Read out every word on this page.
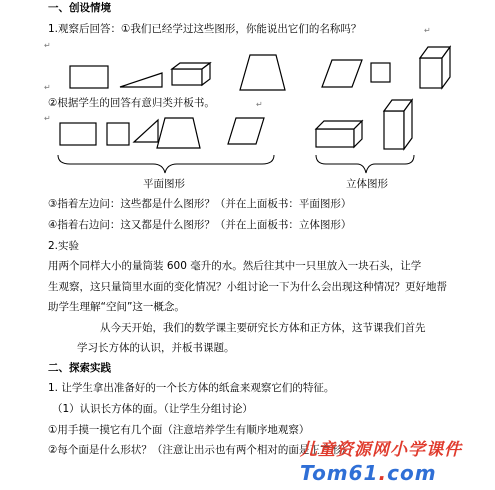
一、创设情境
1.观察后回答：①我们已经学过这些图形，你能说出它们的名称吗？	↵
↵
↵
②根据学生的回答有意归类并板书。	↵
↵
平面图形	立体图形
③指着左边问：这些都是什么图形？（并在上面板书：平面图形）
④指着右边问：这又都是什么图形？（并在上面板书：立体图形）
2.实验
用两个同样大小的量筒装 600 毫升的水。然后往其中一只里放入一块石头，让学
生观察，这只量筒里水面的变化情况？小组讨论一下为什么会出现这种情况？更好地帮
助学生理解“空间”这一概念。
从今天开始，我们的数学课主要研究长方体和正方体，这节课我们首先
学习长方体的认识，并板书课题。
二、探索实践
1. 让学生拿出准备好的一个长方体的纸盒来观察它们的特征。
（1）认识长方体的面。（让学生分组讨论）
①用手摸一摸它有几个面（注意培养学生有顺序地观察）
②每个面是什么形状？（注意让出示也有两个相对的面是正方形）
儿童资源网小学课件
Tom61.com
